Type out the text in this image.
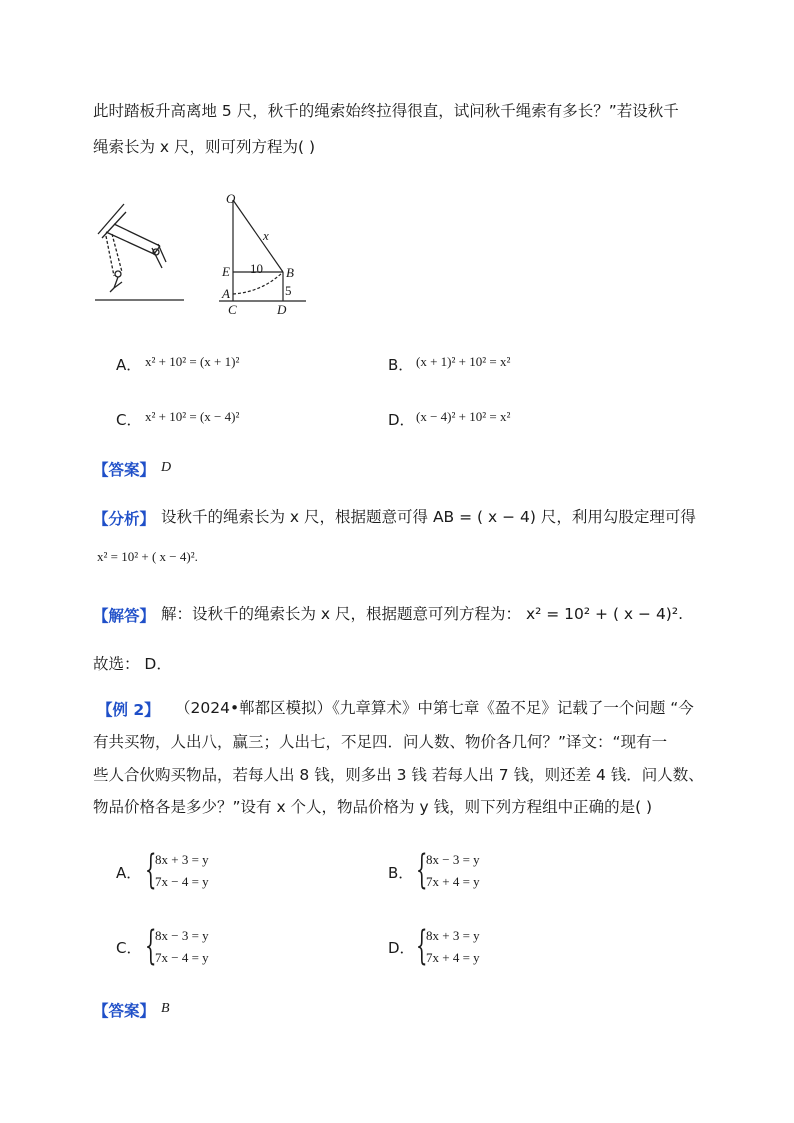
此时踏板升高离地 5 尺，秋千的绳索始终拉得很直，试问秋千绳索有多长？”若设秋千
绳索长为 x 尺，则可列方程为( )
O
x
E 10 B
A	5
C	D
A． x² + 10² = (x + 1)²	B． (x + 1)² + 10² = x²
C． x² + 10² = (x − 4)²	D． (x − 4)² + 10² = x²
【答案】 D
【分析】 设秋千的绳索长为 x 尺，根据题意可得 AB = ( x − 4) 尺，利用勾股定理可得
x² = 10² + ( x − 4)².
【解答】 解：设秋千的绳索长为 x 尺，根据题意可列方程为： x² = 10² + ( x − 4)².
故选： D．
【例 2】 （2024•郸都区模拟）《九章算术》中第七章《盈不足》记载了一个问题 “今
有共买物，人出八，赢三；人出七，不足四．问人数、物价各几何？”译文：“现有一
些人合伙购买物品，若每人出 8 钱，则多出 3 钱 若每人出 7 钱，则还差 4 钱．问人数、
物品价格各是多少？”设有 x 个人，物品价格为 y 钱，则下列方程组中正确的是( )
A． {
8x + 3 = y
7x − 4 = y	B． {
8x − 3 = y
7x + 4 = y
C． {
8x − 3 = y
7x − 4 = y
D． {
8x + 3 = y
7x + 4 = y
【答案】 B
